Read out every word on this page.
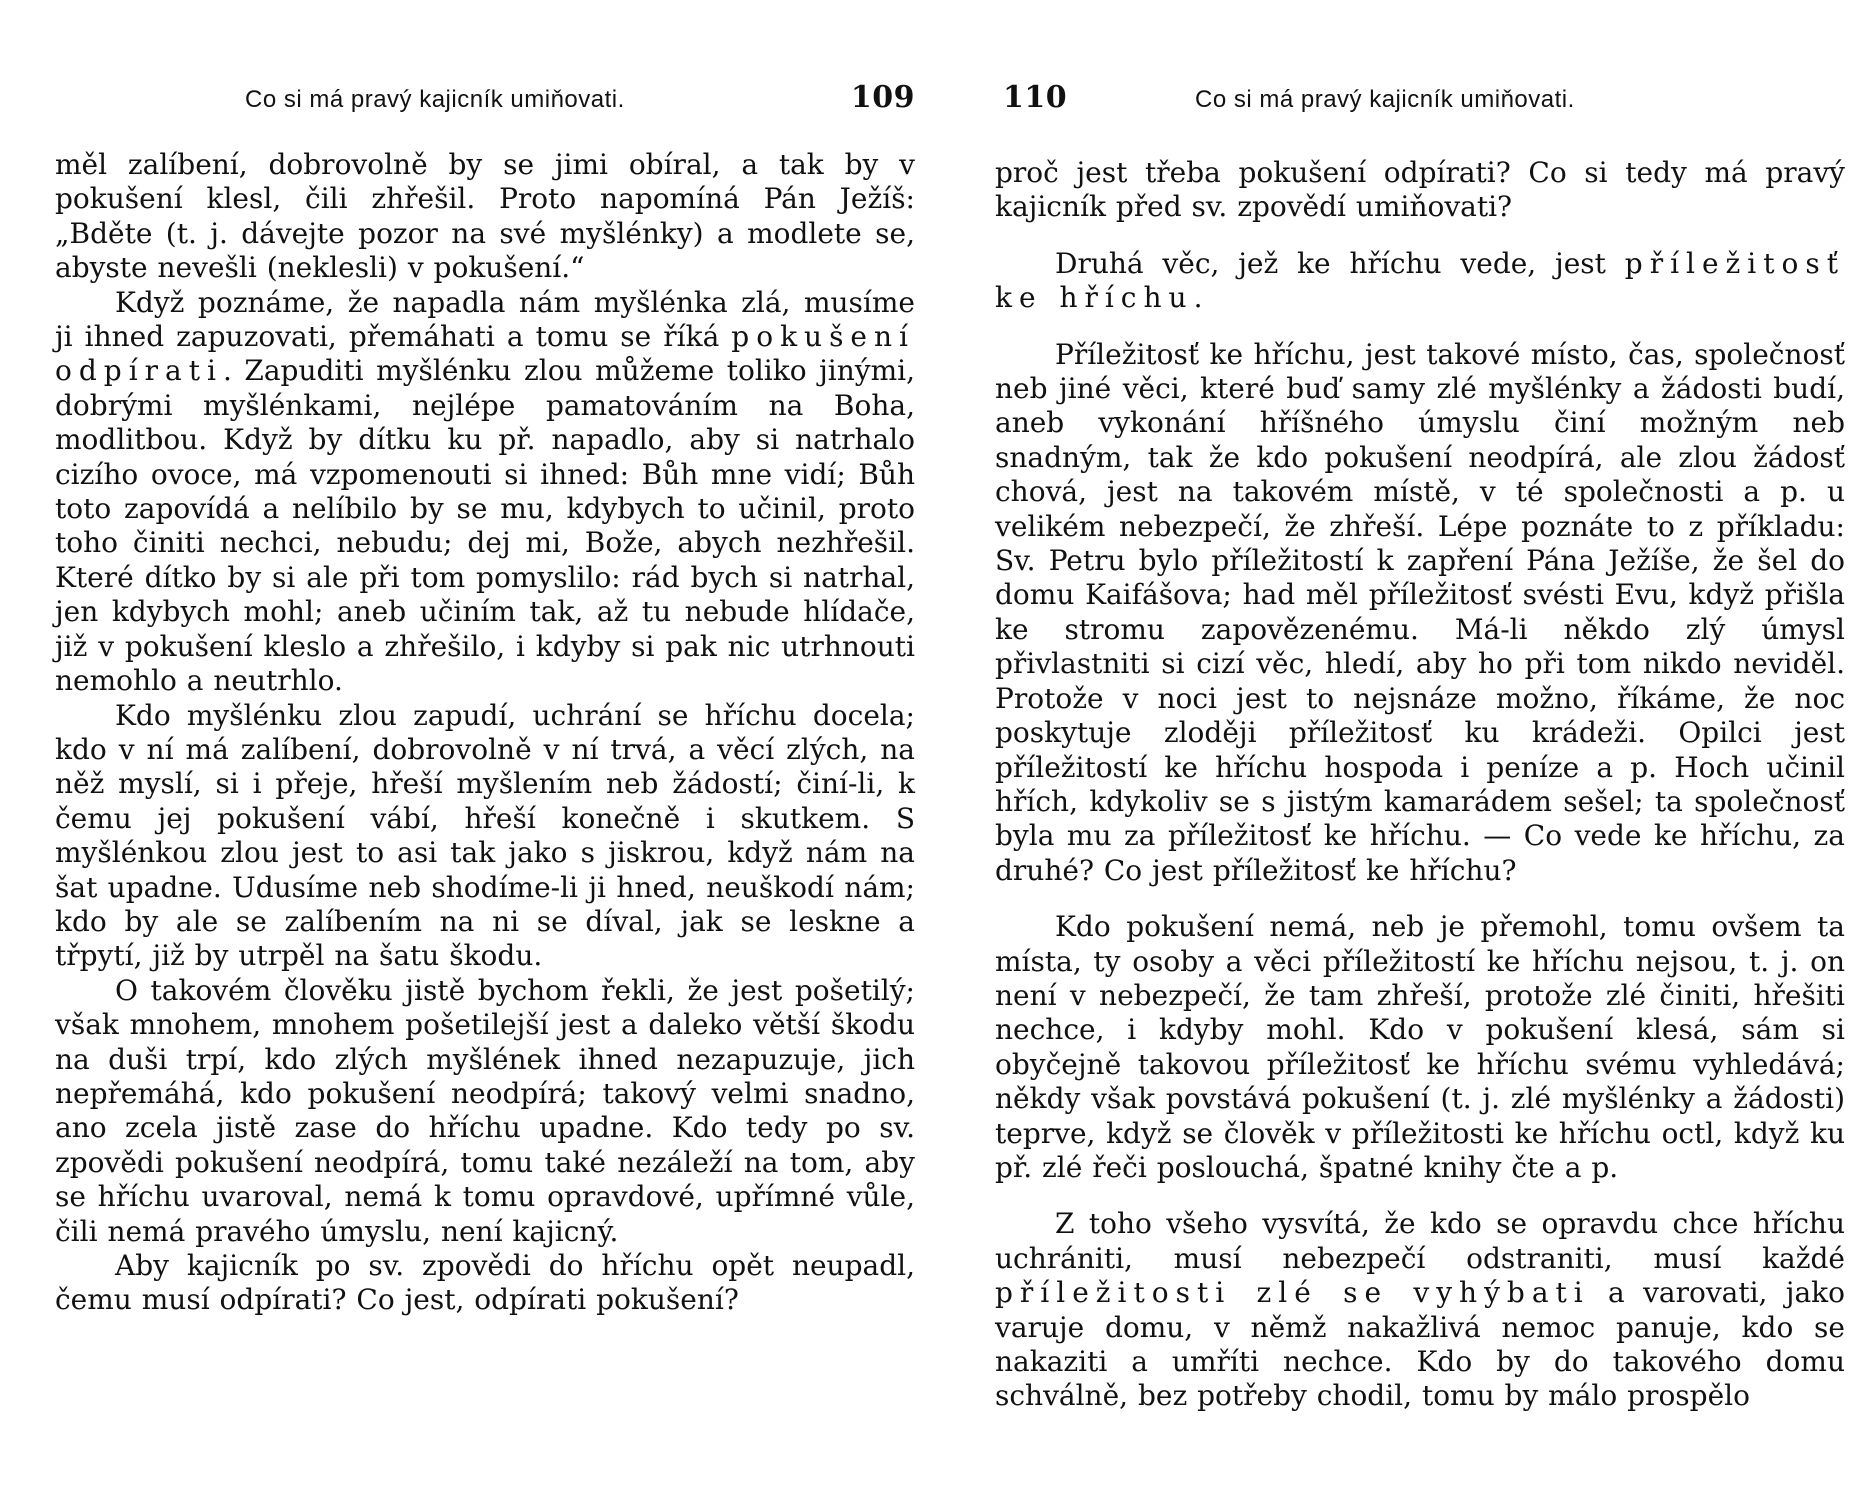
Co si má pravý kajicník umiňovati.	109

měl zalíbení, dobrovolně by se jimi obíral, a tak by v pokušení klesl, čili zhřešil. Proto napomíná Pán Ježíš: „Bděte (t. j. dávejte pozor na své myšlénky) a modlete se, abyste nevešli (neklesli) v pokušení.“

Když poznáme, že napadla nám myšlénka zlá, musíme ji ihned zapuzovati, přemáhati a tomu se říká pokušení odpírati. Zapuditi myšlénku zlou můžeme toliko jinými, dobrými myšlénkami, nejlépe pamatováním na Boha, modlitbou. Když by dítku ku př. napadlo, aby si natrhalo cizího ovoce, má vzpomenouti si ihned: Bůh mne vidí; Bůh toto zapovídá a nelíbilo by se mu, kdybych to učinil, proto toho činiti nechci, nebudu; dej mi, Bože, abych nezhřešil. Které dítko by si ale při tom pomyslilo: rád bych si natrhal, jen kdybych mohl; aneb učiním tak, až tu nebude hlídače, již v pokušení kleslo a zhřešilo, i kdyby si pak nic utrhnouti nemohlo a neutrhlo.

Kdo myšlénku zlou zapudí, uchrání se hříchu docela; kdo v ní má zalíbení, dobrovolně v ní trvá, a věcí zlých, na něž myslí, si i přeje, hřeší myšlením neb žádostí; činí-li, k čemu jej pokušení vábí, hřeší konečně i skutkem. S myšlénkou zlou jest to asi tak jako s jiskrou, když nám na šat upadne. Udusíme neb shodíme-li ji hned, neuškodí nám; kdo by ale se zalíbením na ni se díval, jak se leskne a třpytí, již by utrpěl na šatu škodu.

O takovém člověku jistě bychom řekli, že jest pošetilý; však mnohem, mnohem pošetilejší jest a daleko větší škodu na duši trpí, kdo zlých myšlének ihned nezapuzuje, jich nepřemáhá, kdo pokušení neodpírá; takový velmi snadno, ano zcela jistě zase do hříchu upadne. Kdo tedy po sv. zpovědi pokušení neodpírá, tomu také nezáleží na tom, aby se hříchu uvaroval, nemá k tomu opravdové, upřímné vůle, čili nemá pravého úmyslu, není kajicný.

Aby kajicník po sv. zpovědi do hříchu opět neupadl, čemu musí odpírati? Co jest, odpírati pokušení?

110	Co si má pravý kajicník umiňovati.

proč jest třeba pokušení odpírati? Co si tedy má pravý kajicník před sv. zpovědí umiňovati?

Druhá věc, jež ke hříchu vede, jest příležitosť ke hříchu.

Příležitosť ke hříchu, jest takové místo, čas, společnosť neb jiné věci, které buď samy zlé myšlénky a žádosti budí, aneb vykonání hříšného úmyslu činí možným neb snadným, tak že kdo pokušení neodpírá, ale zlou žádosť chová, jest na takovém místě, v té společnosti a p. u velikém nebezpečí, že zhřeší. Lépe poznáte to z příkladu: Sv. Petru bylo příležitostí k zapření Pána Ježíše, že šel do domu Kaifášova; had měl příležitosť svésti Evu, když přišla ke stromu zapovězenému. Má-li někdo zlý úmysl přivlastniti si cizí věc, hledí, aby ho při tom nikdo neviděl. Protože v noci jest to nejsnáze možno, říkáme, že noc poskytuje zloději příležitosť ku krádeži. Opilci jest příležitostí ke hříchu hospoda i peníze a p. Hoch učinil hřích, kdykoliv se s jistým kamarádem sešel; ta společnosť byla mu za příležitosť ke hříchu. — Co vede ke hříchu, za druhé? Co jest příležitosť ke hříchu?

Kdo pokušení nemá, neb je přemohl, tomu ovšem ta místa, ty osoby a věci příležitostí ke hříchu nejsou, t. j. on není v nebezpečí, že tam zhřeší, protože zlé činiti, hřešiti nechce, i kdyby mohl. Kdo v pokušení klesá, sám si obyčejně takovou příležitosť ke hříchu svému vyhledává; někdy však povstává pokušení (t. j. zlé myšlénky a žádosti) teprve, když se člověk v příležitosti ke hříchu octl, když ku př. zlé řeči poslouchá, špatné knihy čte a p.

Z toho všeho vysvítá, že kdo se opravdu chce hříchu uchrániti, musí nebezpečí odstraniti, musí každé příležitosti zlé se vyhýbati a varovati, jako varuje domu, v němž nakažlivá nemoc panuje, kdo se nakaziti a umříti nechce. Kdo by do takového domu schválně, bez potřeby chodil, tomu by málo prospělo
